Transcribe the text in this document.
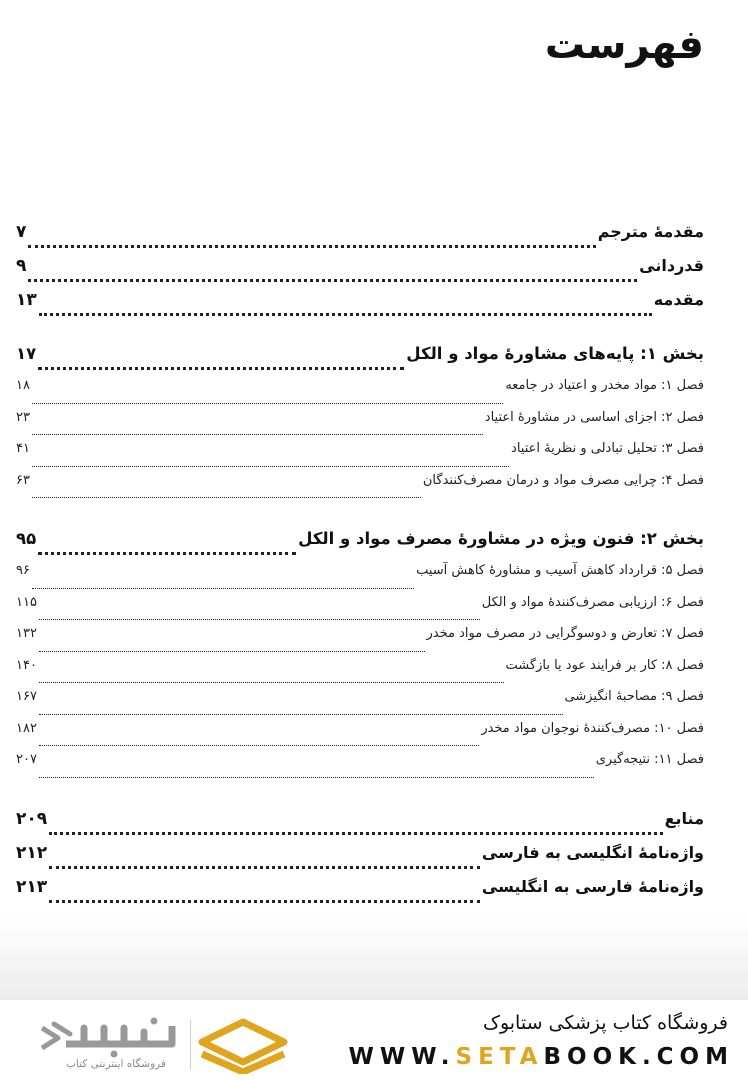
فهرست
مقدمهٔ مترجم
۷
قدردانی
۹
مقدمه
۱۳
بخش ۱: پایه‌های مشاورهٔ مواد و الکل
۱۷
فصل ۱: مواد مخدر و اعتیاد در جامعه
۱۸
فصل ۲: اجزای اساسی در مشاورهٔ اعتیاد
۲۳
فصل ۳: تحلیل تبادلی و نظریهٔ اعتیاد
۴۱
فصل ۴: چرایی مصرف مواد و درمان مصرف‌کنندگان
۶۳
بخش ۲: فنون ویژه در مشاورهٔ مصرف مواد و الکل
۹۵
فصل ۵: قرارداد کاهش آسیب و مشاورهٔ کاهش آسیب
۹۶
فصل ۶: ارزیابی مصرف‌کنندهٔ مواد و الکل
۱۱۵
فصل ۷: تعارض و دوسوگرایی در مصرف مواد مخدر
۱۳۲
فصل ۸: کار بر فرایند عود یا بازگشت
۱۴۰
فصل ۹: مصاحبهٔ انگیزشی
۱۶۷
فصل ۱۰: مصرف‌کنندهٔ نوجوان مواد مخدر
۱۸۲
فصل ۱۱: نتیجه‌گیری
۲۰۷
منابع
۲۰۹
واژه‌نامهٔ انگلیسی به فارسی
۲۱۲
واژه‌نامهٔ فارسی به انگلیسی
۲۱۳
فروشگاه کتاب پزشکی ستابوک
WWW.SETABOOK.COM
فروشگاه اینترنتی کتاب
